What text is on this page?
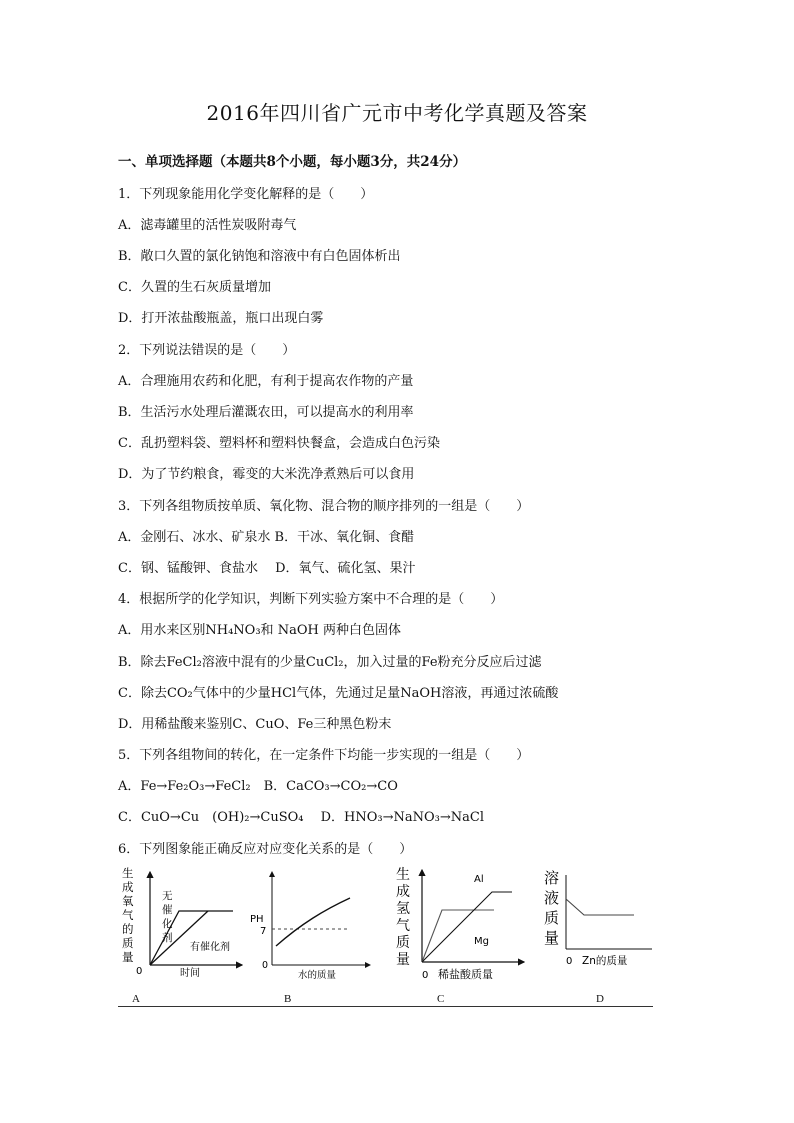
2016年四川省广元市中考化学真题及答案
一、单项选择题（本题共8个小题，每小题3分，共24分）
1．下列现象能用化学变化解释的是（　　）
A．滤毒罐里的活性炭吸附毒气
B．敞口久置的氯化钠饱和溶液中有白色固体析出
C．久置的生石灰质量增加
D．打开浓盐酸瓶盖，瓶口出现白雾
2．下列说法错误的是（　　）
A．合理施用农药和化肥，有利于提高农作物的产量
B．生活污水处理后灌溉农田，可以提高水的利用率
C．乱扔塑料袋、塑料杯和塑料快餐盒，会造成白色污染
D．为了节约粮食，霉变的大米洗净煮熟后可以食用
3．下列各组物质按单质、氧化物、混合物的顺序排列的一组是（　　）
A．金刚石、冰水、矿泉水 B．干冰、氧化铜、食醋
C．钢、锰酸钾、食盐水　 D．氧气、硫化氢、果汁
4．根据所学的化学知识，判断下列实验方案中不合理的是（　　）
A．用水来区别NH₄NO₃和 NaOH 两种白色固体
B．除去FeCl₂溶液中混有的少量CuCl₂，加入过量的Fe粉充分反应后过滤
C．除去CO₂气体中的少量HCl气体，先通过足量NaOH溶液，再通过浓硫酸
D．用稀盐酸来鉴别C、CuO、Fe三种黑色粉末
5．下列各组物间的转化，在一定条件下均能一步实现的一组是（　　）
A．Fe→Fe₂O₃→FeCl₂　B．CaCO₃→CO₂→CO
C．CuO→Cu　(OH)₂→CuSO₄　 D．HNO₃→NaNO₃→NaCl
6．下列图象能正确反应对应变化关系的是（　　）
生
成
氧
气
的
质
量
0	时间
无
催
化
剂
有催化剂
PH
7
0
水的质量
生
成
氢
气
质
量
0 稀盐酸质量
Al
Mg
溶
液
质
量
0 Zn的质量
A	B	C	D
